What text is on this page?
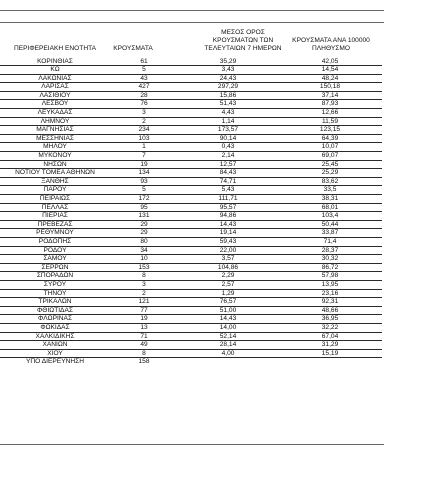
ΠΕΡΙΦΕΡΕΙΑΚΗ ΕΝΟΤΗΤΑ	ΚΡΟΥΣΜΑΤΑ
ΜΕΣΟΣ ΟΡΟΣ
ΚΡΟΥΣΜΑΤΩΝ ΤΩΝ
ΤΕΛΕΥΤΑΙΩΝ 7 ΗΜΕΡΩΝ
ΚΡΟΥΣΜΑΤΑ ΑΝΑ 100000
ΠΛΗΘΥΣΜΟ
ΚΟΡΙΝΘΙΑΣ	61	35,29	42,05
ΚΩ	5	3,43	14,54
ΛΑΚΩΝΙΑΣ	43	24,43	48,24
ΛΑΡΙΣΑΣ	427	297,29	150,18
ΛΑΣΙΘΙΟΥ	28	15,86	37,14
ΛΕΣΒΟΥ	76	51,43	87,93
ΛΕΥΚΑΔΑΣ	3	4,43	12,66
ΛΗΜΝΟΥ	2	1,14	11,59
ΜΑΓΝΗΣΙΑΣ	234	173,57	123,15
ΜΕΣΣΗΝΙΑΣ	103	90,14	64,39
ΜΗΛΟΥ	1	0,43	10,07
ΜΥΚΟΝΟΥ	7	2,14	69,07
ΝΗΣΩΝ	19	12,57	25,45
ΝΟΤΙΟΥ ΤΟΜΕΑ ΑΘΗΝΩΝ	134	84,43	25,29
ΞΑΝΘΗΣ	93	74,71	83,62
ΠΑΡΟΥ	5	5,43	33,5
ΠΕΙΡΑΙΩΣ	172	111,71	38,31
ΠΕΛΛΑΣ	95	95,57	68,01
ΠΙΕΡΙΑΣ	131	94,86	103,4
ΠΡΕΒΕΖΑΣ	29	14,43	50,44
ΡΕΘΥΜΝΟΥ	29	19,14	33,87
ΡΟΔΟΠΗΣ	80	59,43	71,4
ΡΟΔΟΥ	34	22,00	28,37
ΣΑΜΟΥ	10	3,57	30,32
ΣΕΡΡΩΝ	153	104,86	86,72
ΣΠΟΡΑΔΩΝ	8	2,29	57,98
ΣΥΡΟΥ	3	2,57	13,95
ΤΗΝΟΥ	2	1,29	23,16
ΤΡΙΚΑΛΩΝ	121	76,57	92,31
ΦΘΙΩΤΙΔΑΣ	77	51,00	48,66
ΦΛΩΡΙΝΑΣ	19	14,43	36,95
ΦΩΚΙΔΑΣ	13	14,00	32,22
ΧΑΛΚΙΔΙΚΗΣ	71	52,14	67,04
ΧΑΝΙΩΝ	49	28,14	31,29
ΧΙΟΥ	8	4,00	15,19
ΥΠΟ ΔΙΕΡΕΥΝΗΣΗ	158		
